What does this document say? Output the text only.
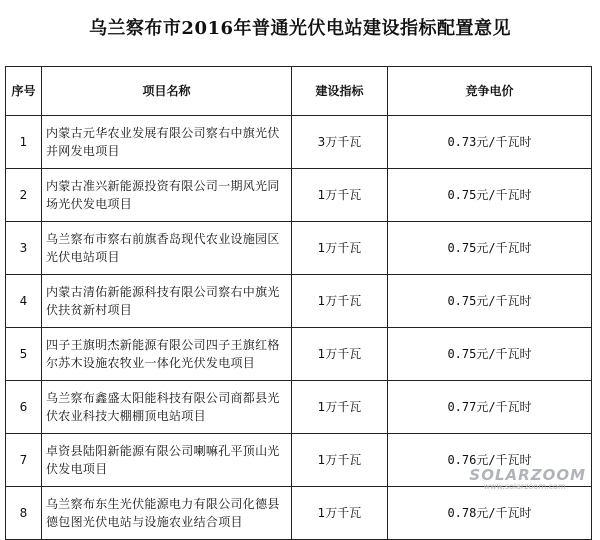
乌兰察布市2016年普通光伏电站建设指标配置意见
序号	项目名称	建设指标	竞争电价
1	内蒙古元华农业发展有限公司察右中旗光伏并网发电项目	3万千瓦	0.73元/千瓦时
2	内蒙古准兴新能源投资有限公司一期风光同场光伏发电项目	1万千瓦	0.75元/千瓦时
3	乌兰察布市察右前旗香岛现代农业设施园区光伏电站项目	1万千瓦	0.75元/千瓦时
4	内蒙古清佑新能源科技有限公司察右中旗光伏扶贫新村项目	1万千瓦	0.75元/千瓦时
5	四子王旗明杰新能源有限公司四子王旗红格尔苏木设施农牧业一体化光伏发电项目	1万千瓦	0.75元/千瓦时
6	乌兰察布鑫盛太阳能科技有限公司商都县光伏农业科技大棚棚顶电站项目	1万千瓦	0.77元/千瓦时
7	卓资县陆阳新能源有限公司喇嘛孔平顶山光伏发电项目	1万千瓦	0.76元/千瓦时
8	乌兰察布东生光伏能源电力有限公司化德县德包图光伏电站与设施农业结合项目	1万千瓦	0.78元/千瓦时
SOLARZOOM
www.solarzoom.com
